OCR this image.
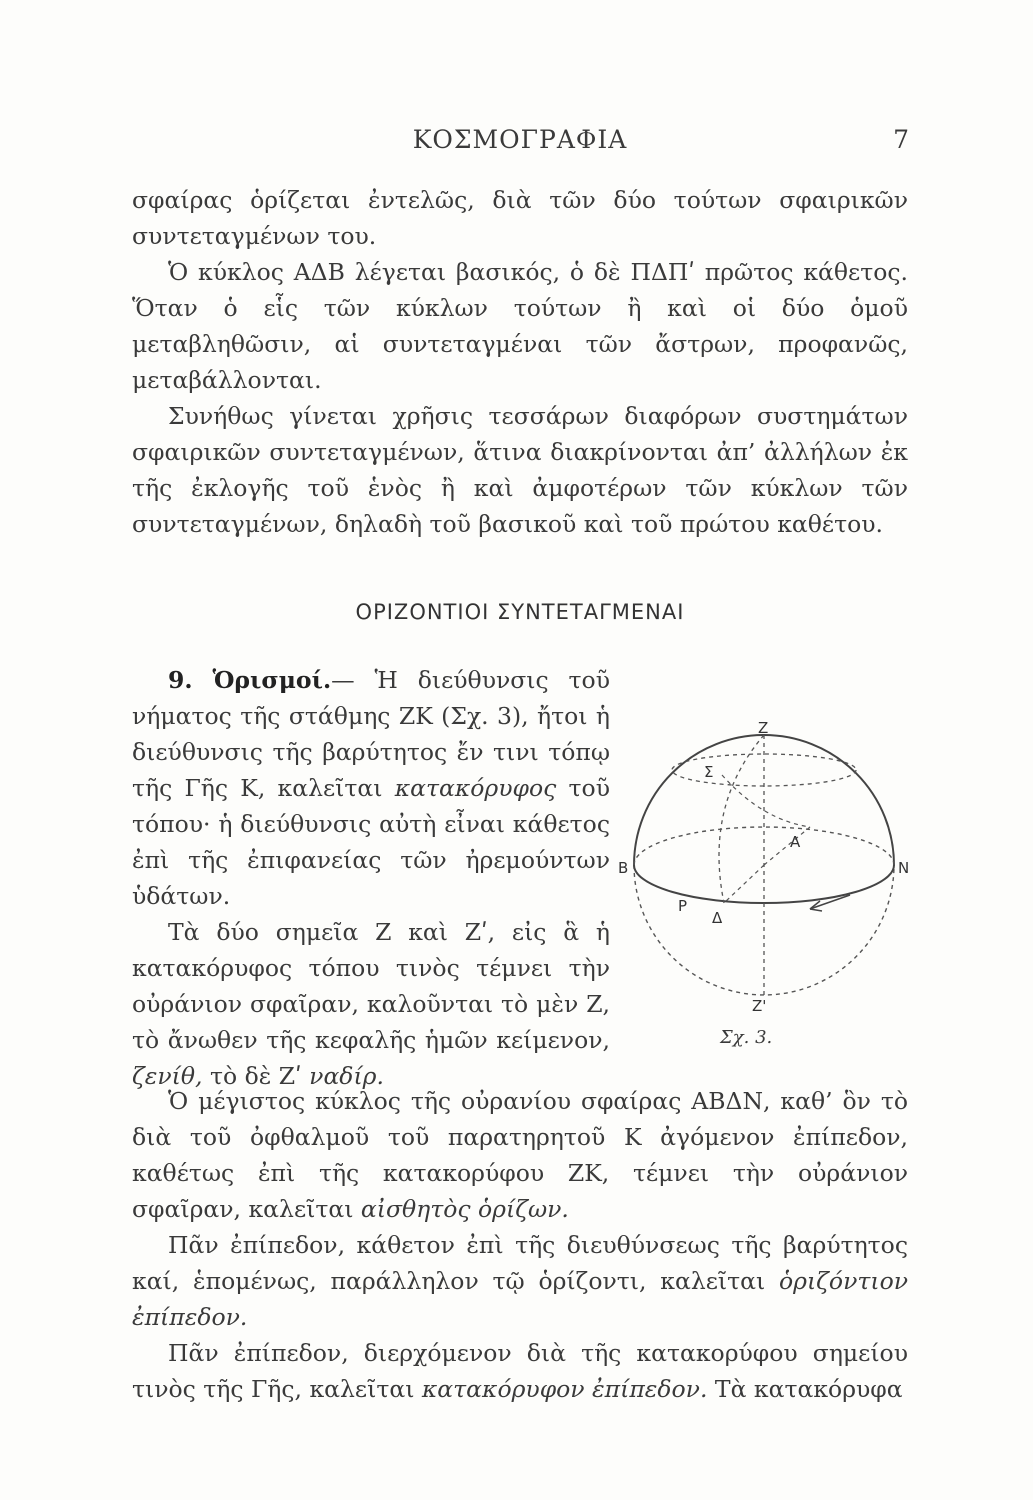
ΚΟΣΜΟΓΡΑΦΙΑ	7

σφαίρας ὁρίζεται ἐντελῶς, διὰ τῶν δύο τούτων σφαιρικῶν συντεταγμένων του.

Ὁ κύκλος ΑΔΒ λέγεται βασικός, ὁ δὲ ΠΔΠʹ πρῶτος κάθετος. Ὅταν ὁ εἷς τῶν κύκλων τούτων ἢ καὶ οἱ δύο ὁμοῦ μεταβληθῶσιν, αἱ συντεταγμέναι τῶν ἄστρων, προφανῶς, μεταβάλλονται.

Συνήθως γίνεται χρῆσις τεσσάρων διαφόρων συστημάτων σφαιρικῶν συντεταγμένων, ἅτινα διακρίνονται ἀπ’ ἀλλήλων ἐκ τῆς ἐκλογῆς τοῦ ἑνὸς ἢ καὶ ἀμφοτέρων τῶν κύκλων τῶν συντεταγμένων, δηλαδὴ τοῦ βασικοῦ καὶ τοῦ πρώτου καθέτου.

ΟΡΙΖΟΝΤΙΟΙ ΣΥΝΤΕΤΑΓΜΕΝΑΙ

9. Ὁρισμοί.— Ἡ διεύθυνσις τοῦ νήματος τῆς στάθμης ΖΚ (Σχ. 3), ἤτοι ἡ διεύθυνσις τῆς βαρύτητος ἔν τινι τόπῳ τῆς Γῆς Κ, καλεῖται κατακόρυφος τοῦ τόπου· ἡ διεύθυνσις αὐτὴ εἶναι κάθετος ἐπὶ τῆς ἐπιφανείας τῶν ἠρεμούντων ὑδάτων.

Τὰ δύο σημεῖα Ζ καὶ Ζʹ, εἰς ἃ ἡ κατακόρυφος τόπου τινὸς τέμνει τὴν οὐράνιον σφαῖραν, καλοῦνται τὸ μὲν Ζ, τὸ ἄνωθεν τῆς κεφαλῆς ἡμῶν κείμενον, ζενίθ, τὸ δὲ Ζʹ ναδίρ.

Z
Z'
B	N
P
A
Δ
Σ
Σχ. 3.

Ὁ μέγιστος κύκλος τῆς οὐρανίου σφαίρας ΑΒΔΝ, καθ’ ὃν τὸ διὰ τοῦ ὀφθαλμοῦ τοῦ παρατηρητοῦ Κ ἀγόμενον ἐπίπεδον, καθέτως ἐπὶ τῆς κατακορύφου ΖΚ, τέμνει τὴν οὐράνιον σφαῖραν, καλεῖται αἰσθητὸς ὁρίζων.

Πᾶν ἐπίπεδον, κάθετον ἐπὶ τῆς διευθύνσεως τῆς βαρύτητος καί, ἑπομένως, παράλληλον τῷ ὁρίζοντι, καλεῖται ὁριζόντιον ἐπίπεδον.

Πᾶν ἐπίπεδον, διερχόμενον διὰ τῆς κατακορύφου σημείου τινὸς τῆς Γῆς, καλεῖται κατακόρυφον ἐπίπεδον. Τὰ κατακόρυφα
